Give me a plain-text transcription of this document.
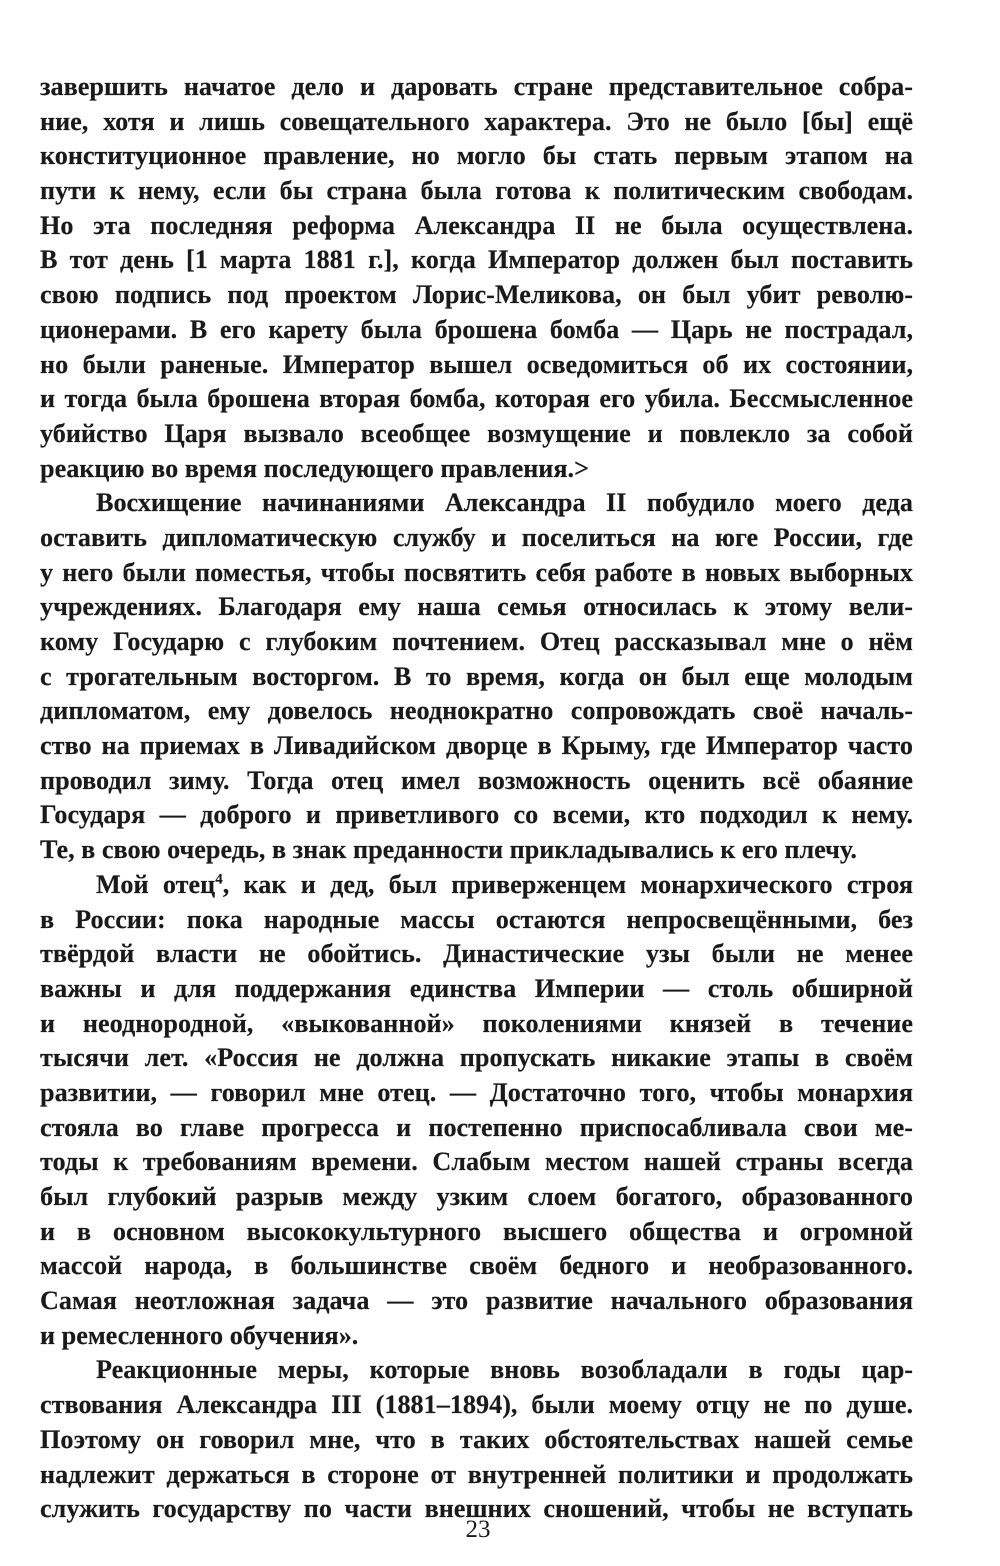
завершить начатое дело и даровать стране представительное собра-
ние, хотя и лишь совещательного характера. Это не было [бы] ещё
конституционное правление, но могло бы стать первым этапом на
пути к нему, если бы страна была готова к политическим свободам.
Но эта последняя реформа Александра II не была осуществлена.
В тот день [1 марта 1881 г.], когда Император должен был поставить
свою подпись под проектом Лорис-Меликова, он был убит револю-
ционерами. В его карету была брошена бомба — Царь не пострадал,
но были раненые. Император вышел осведомиться об их состоянии,
и тогда была брошена вторая бомба, которая его убила. Бессмысленное
убийство Царя вызвало всеобщее возмущение и повлекло за собой
реакцию во время последующего правления.>
Восхищение начинаниями Александра II побудило моего деда
оставить дипломатическую службу и поселиться на юге России, где
у него были поместья, чтобы посвятить себя работе в новых выборных
учреждениях. Благодаря ему наша семья относилась к этому вели-
кому Государю с глубоким почтением. Отец рассказывал мне о нём
с трогательным восторгом. В то время, когда он был еще молодым
дипломатом, ему довелось неоднократно сопровождать своё началь-
ство на приемах в Ливадийском дворце в Крыму, где Император часто
проводил зиму. Тогда отец имел возможность оценить всё обаяние
Государя — доброго и приветливого со всеми, кто подходил к нему.
Те, в свою очередь, в знак преданности прикладывались к его плечу.
Мой отец$^4$, как и дед, был приверженцем монархического строя
в России: пока народные массы остаются непросвещёнными, без
твёрдой власти не обойтись. Династические узы были не менее
важны и для поддержания единства Империи — столь обширной
и неоднородной, «выкованной» поколениями князей в течение
тысячи лет. «Россия не должна пропускать никакие этапы в своём
развитии, — говорил мне отец. — Достаточно того, чтобы монархия
стояла во главе прогресса и постепенно приспосабливала свои ме-
тоды к требованиям времени. Слабым местом нашей страны всегда
был глубокий разрыв между узким слоем богатого, образованного
и в основном высококультурного высшего общества и огромной
массой народа, в большинстве своём бедного и необразованного.
Самая неотложная задача — это развитие начального образования
и ремесленного обучения».
Реакционные меры, которые вновь возобладали в годы цар-
ствования Александра III (1881–1894), были моему отцу не по душе.
Поэтому он говорил мне, что в таких обстоятельствах нашей семье
надлежит держаться в стороне от внутренней политики и продолжать
служить государству по части внешних сношений, чтобы не вступать
23
